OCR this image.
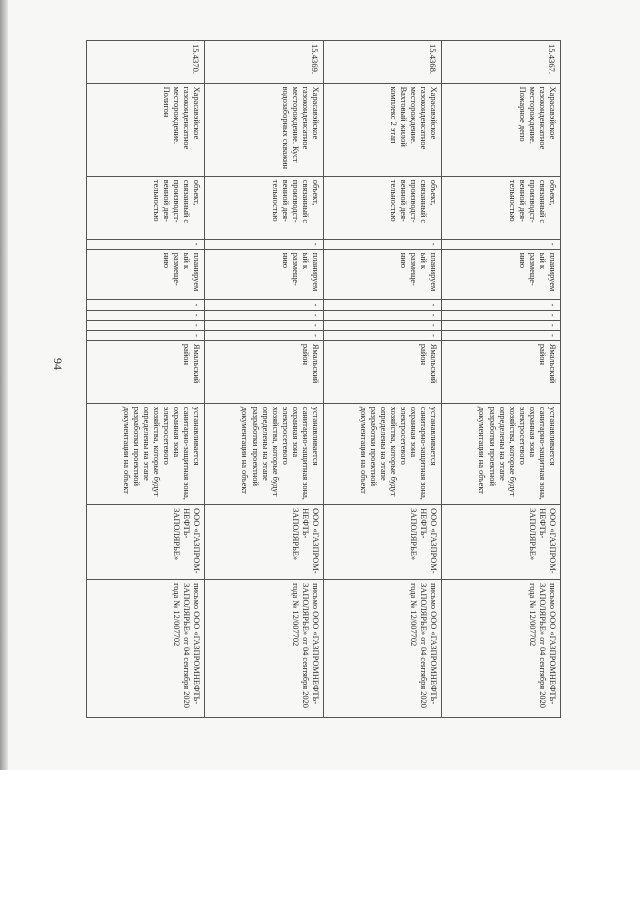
94
15.4367.	Харасавэйское газоконденсатное месторождение. Пожарное депо	объект, связанный с производст-венной дея-тельностью	-	планируемый к размеще-нию	-	-	-	-	Ямальский район	устанавливается санитарно-защитная зона, охранная зона электросетевого хозяйства, которые будут определены на этапе разработки проектной документации на объект	ООО «ГАЗПРОМ-НЕФТЬ-ЗАПОЛЯРЬЕ»	письмо ООО «ГАЗПРОМНЕФТЬ-ЗАПОЛЯРЬЕ» от 04 сентября 2020 года № 12/007702
15.4368.	Харасавэйское газоконденсатное месторождение. Вахтовый жилой комплекс 2 этап	объект, связанный с производст-венной дея-тельностью	-	планируемый к размеще-нию	-	-	-	-	Ямальский район	устанавливается санитарно-защитная зона, охранная зона электросетевого хозяйства, которые будут определены на этапе разработки проектной документации на объект	ООО «ГАЗПРОМ-НЕФТЬ-ЗАПОЛЯРЬЕ»	письмо ООО «ГАЗПРОМНЕФТЬ-ЗАПОЛЯРЬЕ» от 04 сентября 2020 года № 12/007702
15.4369.	Харасавэйское газоконденсатное месторождение. Куст водозаборных скважин	объект, связанный с производст-венной дея-тельностью	-	планируемый к размеще-нию	-	-	-	-	Ямальский район	устанавливается санитарно-защитная зона, охранная зона электросетевого хозяйства, которые будут определены на этапе разработки проектной документации на объект	ООО «ГАЗПРОМ-НЕФТЬ-ЗАПОЛЯРЬЕ»	письмо ООО «ГАЗПРОМНЕФТЬ-ЗАПОЛЯРЬЕ» от 04 сентября 2020 года № 12/007702
15.4370.	Харасавэйское газоконденсатное месторождение. Полигон	объект, связанный с производст-венной дея-тельностью	-	планируемый к размеще-нию	-	-	-	-	Ямальский район	устанавливается санитарно-защитная зона, охранная зона электросетевого хозяйства, которые будут определены на этапе разработки проектной документации на объект	ООО «ГАЗПРОМ-НЕФТЬ-ЗАПОЛЯРЬЕ»	письмо ООО «ГАЗПРОМНЕФТЬ-ЗАПОЛЯРЬЕ» от 04 сентября 2020 года № 12/007702
